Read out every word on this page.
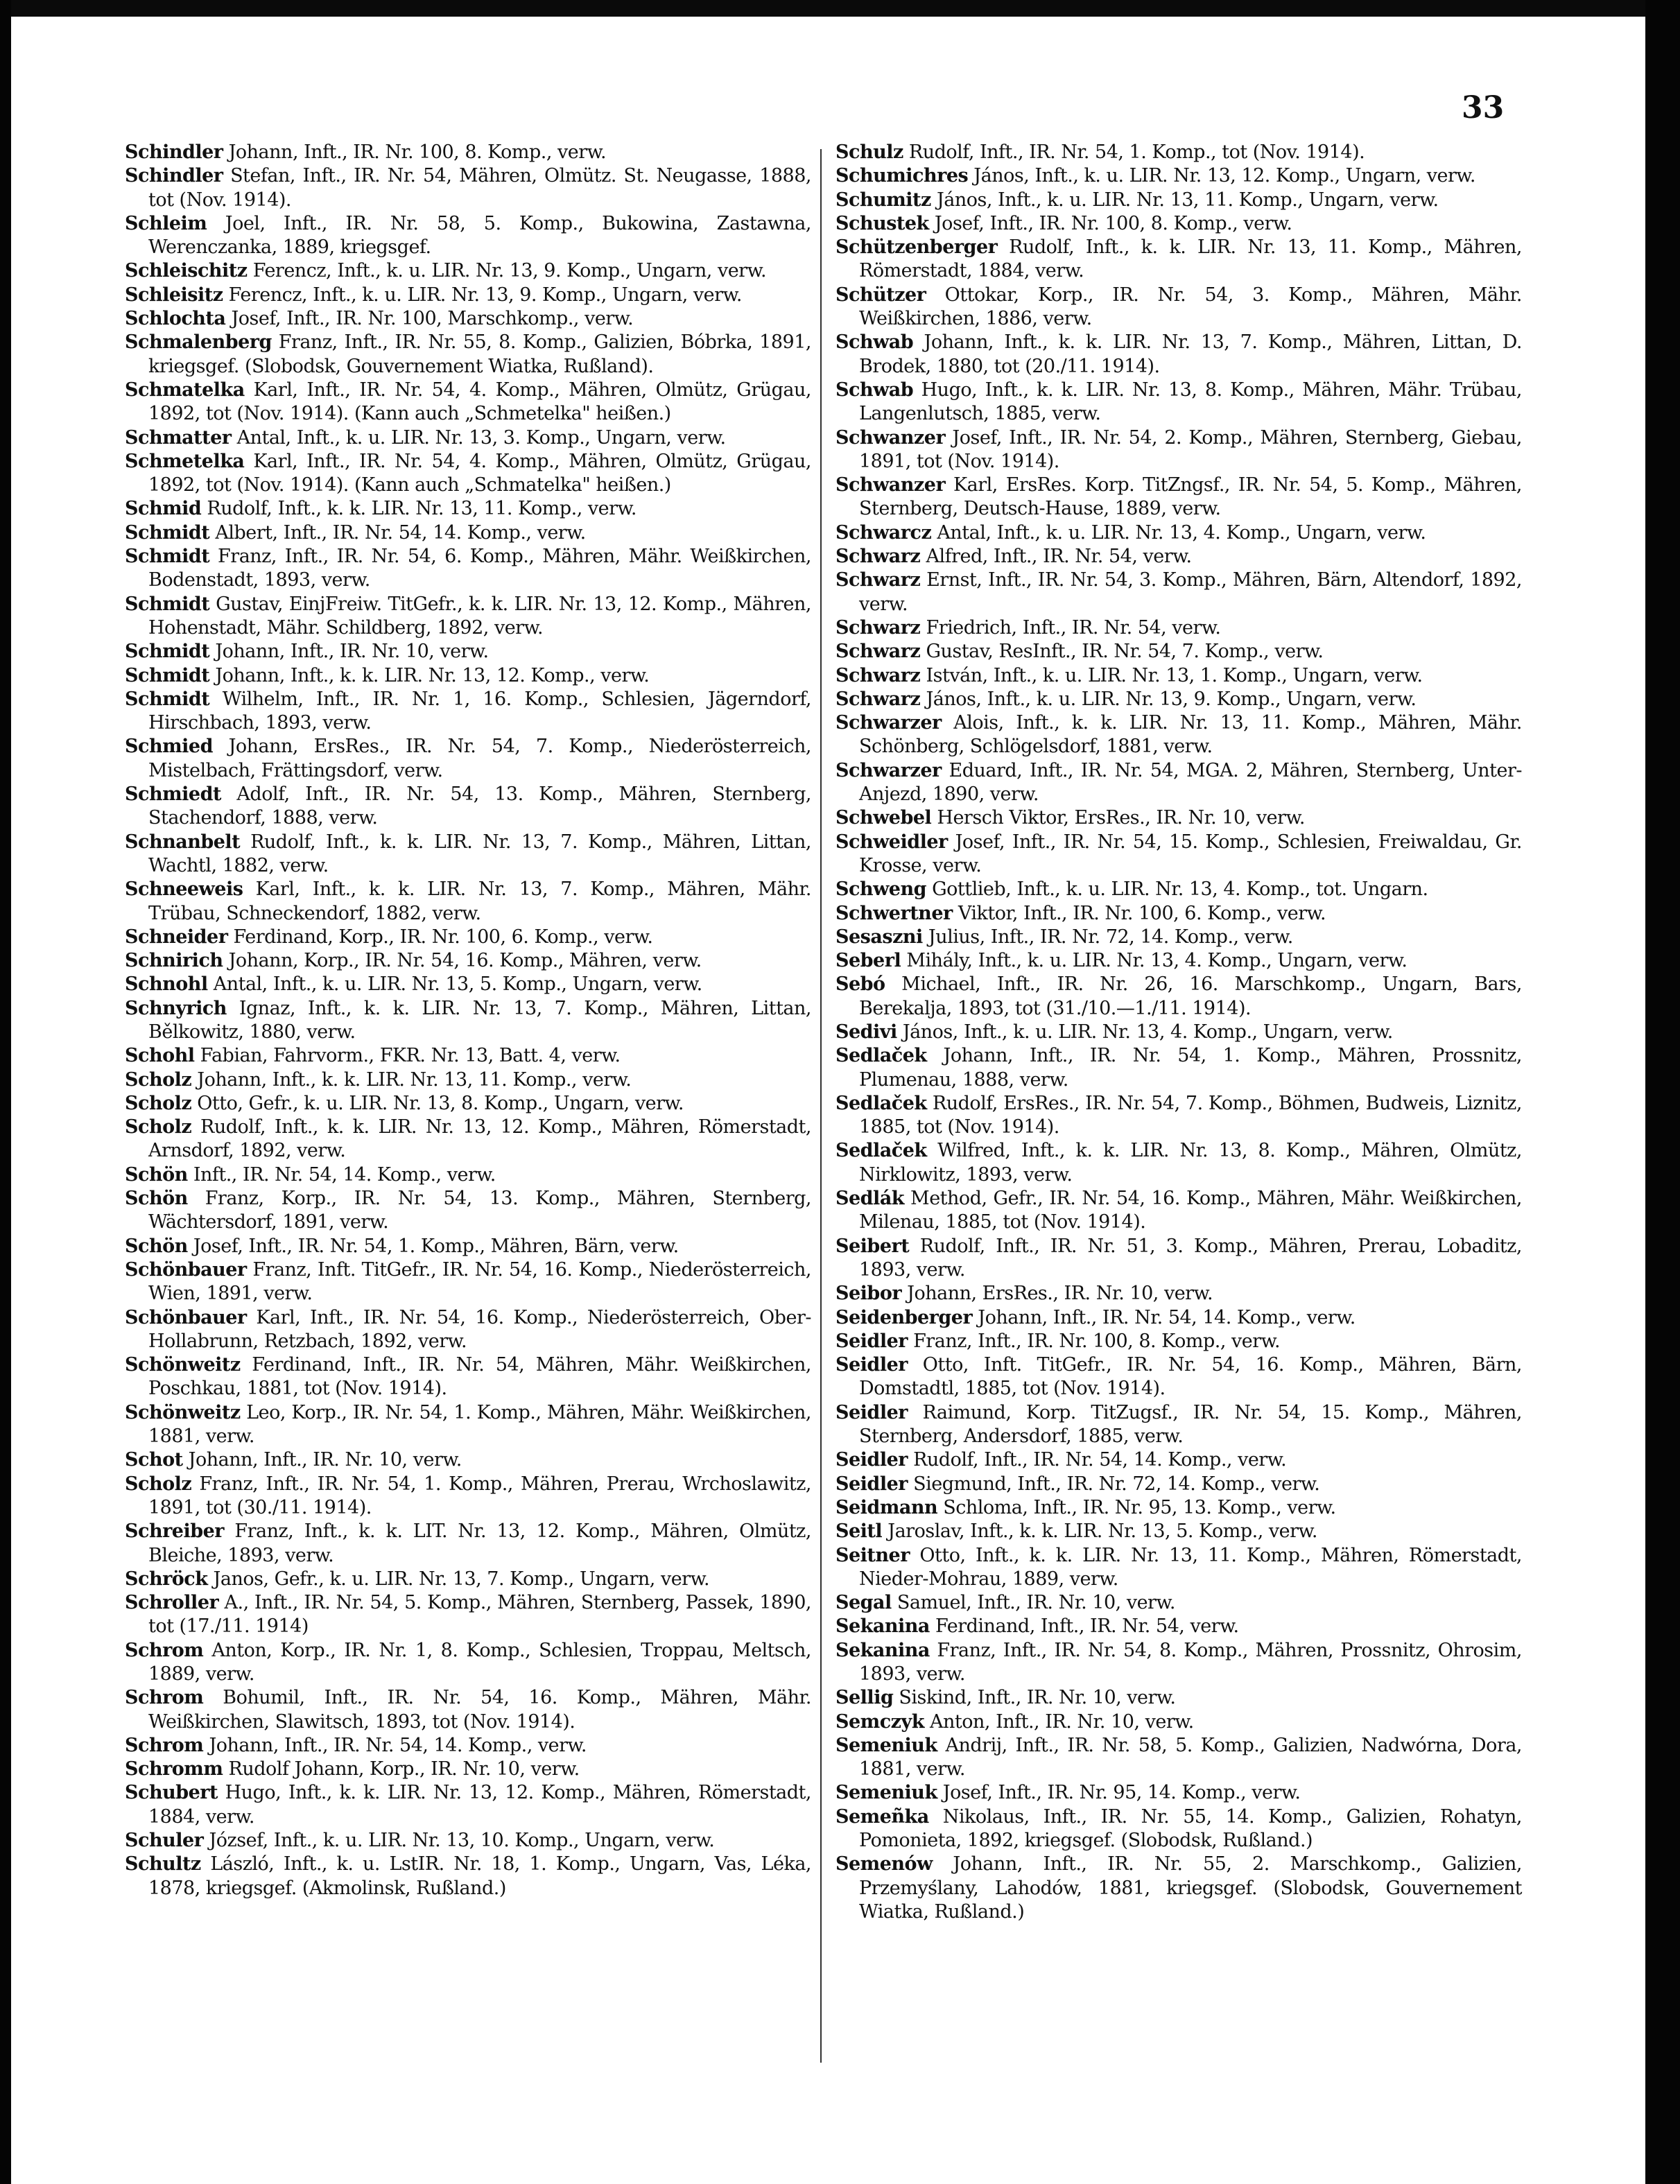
33

Schindler Johann, Inft., IR. Nr. 100, 8. Komp., verw.

Schindler Stefan, Inft., IR. Nr. 54, Mähren, Olmütz. St. Neugasse, 1888, tot (Nov. 1914).

Schleim Joel, Inft., IR. Nr. 58, 5. Komp., Bukowina, Zastawna, Werenczanka, 1889, kriegsgef.

Schleischitz Ferencz, Inft., k. u. LIR. Nr. 13, 9. Komp., Ungarn, verw.

Schleisitz Ferencz, Inft., k. u. LIR. Nr. 13, 9. Komp., Ungarn, verw.

Schlochta Josef, Inft., IR. Nr. 100, Marschkomp., verw.

Schmalenberg Franz, Inft., IR. Nr. 55, 8. Komp., Galizien, Bóbrka, 1891, kriegsgef. (Slobodsk, Gouvernement Wiatka, Rußland).

Schmatelka Karl, Inft., IR. Nr. 54, 4. Komp., Mähren, Olmütz, Grügau, 1892, tot (Nov. 1914). (Kann auch „Schmetelka" heißen.)

Schmatter Antal, Inft., k. u. LIR. Nr. 13, 3. Komp., Ungarn, verw.

Schmetelka Karl, Inft., IR. Nr. 54, 4. Komp., Mähren, Olmütz, Grügau, 1892, tot (Nov. 1914). (Kann auch „Schmatelka" heißen.)

Schmid Rudolf, Inft., k. k. LIR. Nr. 13, 11. Komp., verw.

Schmidt Albert, Inft., IR. Nr. 54, 14. Komp., verw.

Schmidt Franz, Inft., IR. Nr. 54, 6. Komp., Mähren, Mähr. Weißkirchen, Bodenstadt, 1893, verw.

Schmidt Gustav, EinjFreiw. TitGefr., k. k. LIR. Nr. 13, 12. Komp., Mähren, Hohenstadt, Mähr. Schildberg, 1892, verw.

Schmidt Johann, Inft., IR. Nr. 10, verw.

Schmidt Johann, Inft., k. k. LIR. Nr. 13, 12. Komp., verw.

Schmidt Wilhelm, Inft., IR. Nr. 1, 16. Komp., Schlesien, Jägerndorf, Hirschbach, 1893, verw.

Schmied Johann, ErsRes., IR. Nr. 54, 7. Komp., Niederösterreich, Mistelbach, Frättingsdorf, verw.

Schmiedt Adolf, Inft., IR. Nr. 54, 13. Komp., Mähren, Sternberg, Stachendorf, 1888, verw.

Schnanbelt Rudolf, Inft., k. k. LIR. Nr. 13, 7. Komp., Mähren, Littan, Wachtl, 1882, verw.

Schneeweis Karl, Inft., k. k. LIR. Nr. 13, 7. Komp., Mähren, Mähr. Trübau, Schneckendorf, 1882, verw.

Schneider Ferdinand, Korp., IR. Nr. 100, 6. Komp., verw.

Schnirich Johann, Korp., IR. Nr. 54, 16. Komp., Mähren, verw.

Schnohl Antal, Inft., k. u. LIR. Nr. 13, 5. Komp., Ungarn, verw.

Schnyrich Ignaz, Inft., k. k. LIR. Nr. 13, 7. Komp., Mähren, Littan, Bělkowitz, 1880, verw.

Schohl Fabian, Fahrvorm., FKR. Nr. 13, Batt. 4, verw.

Scholz Johann, Inft., k. k. LIR. Nr. 13, 11. Komp., verw.

Scholz Otto, Gefr., k. u. LIR. Nr. 13, 8. Komp., Ungarn, verw.

Scholz Rudolf, Inft., k. k. LIR. Nr. 13, 12. Komp., Mähren, Römerstadt, Arnsdorf, 1892, verw.

Schön Inft., IR. Nr. 54, 14. Komp., verw.

Schön Franz, Korp., IR. Nr. 54, 13. Komp., Mähren, Sternberg, Wächtersdorf, 1891, verw.

Schön Josef, Inft., IR. Nr. 54, 1. Komp., Mähren, Bärn, verw.

Schönbauer Franz, Inft. TitGefr., IR. Nr. 54, 16. Komp., Niederösterreich, Wien, 1891, verw.

Schönbauer Karl, Inft., IR. Nr. 54, 16. Komp., Niederösterreich, Ober-Hollabrunn, Retzbach, 1892, verw.

Schönweitz Ferdinand, Inft., IR. Nr. 54, Mähren, Mähr. Weißkirchen, Poschkau, 1881, tot (Nov. 1914).

Schönweitz Leo, Korp., IR. Nr. 54, 1. Komp., Mähren, Mähr. Weißkirchen, 1881, verw.

Schot Johann, Inft., IR. Nr. 10, verw.

Scholz Franz, Inft., IR. Nr. 54, 1. Komp., Mähren, Prerau, Wrchoslawitz, 1891, tot (30./11. 1914).

Schreiber Franz, Inft., k. k. LIT. Nr. 13, 12. Komp., Mähren, Olmütz, Bleiche, 1893, verw.

Schröck Janos, Gefr., k. u. LIR. Nr. 13, 7. Komp., Ungarn, verw.

Schroller A., Inft., IR. Nr. 54, 5. Komp., Mähren, Sternberg, Passek, 1890, tot (17./11. 1914)

Schrom Anton, Korp., IR. Nr. 1, 8. Komp., Schlesien, Troppau, Meltsch, 1889, verw.

Schrom Bohumil, Inft., IR. Nr. 54, 16. Komp., Mähren, Mähr. Weißkirchen, Slawitsch, 1893, tot (Nov. 1914).

Schrom Johann, Inft., IR. Nr. 54, 14. Komp., verw.

Schromm Rudolf Johann, Korp., IR. Nr. 10, verw.

Schubert Hugo, Inft., k. k. LIR. Nr. 13, 12. Komp., Mähren, Römerstadt, 1884, verw.

Schuler József, Inft., k. u. LIR. Nr. 13, 10. Komp., Ungarn, verw.

Schultz László, Inft., k. u. LstIR. Nr. 18, 1. Komp., Ungarn, Vas, Léka, 1878, kriegsgef. (Akmolinsk, Rußland.)

Schulz Rudolf, Inft., IR. Nr. 54, 1. Komp., tot (Nov. 1914).

Schumichres János, Inft., k. u. LIR. Nr. 13, 12. Komp., Ungarn, verw.

Schumitz János, Inft., k. u. LIR. Nr. 13, 11. Komp., Ungarn, verw.

Schustek Josef, Inft., IR. Nr. 100, 8. Komp., verw.

Schützenberger Rudolf, Inft., k. k. LIR. Nr. 13, 11. Komp., Mähren, Römerstadt, 1884, verw.

Schützer Ottokar, Korp., IR. Nr. 54, 3. Komp., Mähren, Mähr. Weißkirchen, 1886, verw.

Schwab Johann, Inft., k. k. LIR. Nr. 13, 7. Komp., Mähren, Littan, D. Brodek, 1880, tot (20./11. 1914).

Schwab Hugo, Inft., k. k. LIR. Nr. 13, 8. Komp., Mähren, Mähr. Trübau, Langenlutsch, 1885, verw.

Schwanzer Josef, Inft., IR. Nr. 54, 2. Komp., Mähren, Sternberg, Giebau, 1891, tot (Nov. 1914).

Schwanzer Karl, ErsRes. Korp. TitZngsf., IR. Nr. 54, 5. Komp., Mähren, Sternberg, Deutsch-Hause, 1889, verw.

Schwarcz Antal, Inft., k. u. LIR. Nr. 13, 4. Komp., Ungarn, verw.

Schwarz Alfred, Inft., IR. Nr. 54, verw.

Schwarz Ernst, Inft., IR. Nr. 54, 3. Komp., Mähren, Bärn, Altendorf, 1892, verw.

Schwarz Friedrich, Inft., IR. Nr. 54, verw.

Schwarz Gustav, ResInft., IR. Nr. 54, 7. Komp., verw.

Schwarz István, Inft., k. u. LIR. Nr. 13, 1. Komp., Ungarn, verw.

Schwarz János, Inft., k. u. LIR. Nr. 13, 9. Komp., Ungarn, verw.

Schwarzer Alois, Inft., k. k. LIR. Nr. 13, 11. Komp., Mähren, Mähr. Schönberg, Schlögelsdorf, 1881, verw.

Schwarzer Eduard, Inft., IR. Nr. 54, MGA. 2, Mähren, Sternberg, Unter-Anjezd, 1890, verw.

Schwebel Hersch Viktor, ErsRes., IR. Nr. 10, verw.

Schweidler Josef, Inft., IR. Nr. 54, 15. Komp., Schlesien, Freiwaldau, Gr. Krosse, verw.

Schweng Gottlieb, Inft., k. u. LIR. Nr. 13, 4. Komp., tot. Ungarn.

Schwertner Viktor, Inft., IR. Nr. 100, 6. Komp., verw.

Sesaszni Julius, Inft., IR. Nr. 72, 14. Komp., verw.

Seberl Mihály, Inft., k. u. LIR. Nr. 13, 4. Komp., Ungarn, verw.

Sebó Michael, Inft., IR. Nr. 26, 16. Marschkomp., Ungarn, Bars, Berekalja, 1893, tot (31./10.—1./11. 1914).

Sedivi János, Inft., k. u. LIR. Nr. 13, 4. Komp., Ungarn, verw.

Sedlaček Johann, Inft., IR. Nr. 54, 1. Komp., Mähren, Prossnitz, Plumenau, 1888, verw.

Sedlaček Rudolf, ErsRes., IR. Nr. 54, 7. Komp., Böhmen, Budweis, Liznitz, 1885, tot (Nov. 1914).

Sedlaček Wilfred, Inft., k. k. LIR. Nr. 13, 8. Komp., Mähren, Olmütz, Nirklowitz, 1893, verw.

Sedlák Method, Gefr., IR. Nr. 54, 16. Komp., Mähren, Mähr. Weißkirchen, Milenau, 1885, tot (Nov. 1914).

Seibert Rudolf, Inft., IR. Nr. 51, 3. Komp., Mähren, Prerau, Lobaditz, 1893, verw.

Seibor Johann, ErsRes., IR. Nr. 10, verw.

Seidenberger Johann, Inft., IR. Nr. 54, 14. Komp., verw.

Seidler Franz, Inft., IR. Nr. 100, 8. Komp., verw.

Seidler Otto, Inft. TitGefr., IR. Nr. 54, 16. Komp., Mähren, Bärn, Domstadtl, 1885, tot (Nov. 1914).

Seidler Raimund, Korp. TitZugsf., IR. Nr. 54, 15. Komp., Mähren, Sternberg, Andersdorf, 1885, verw.

Seidler Rudolf, Inft., IR. Nr. 54, 14. Komp., verw.

Seidler Siegmund, Inft., IR. Nr. 72, 14. Komp., verw.

Seidmann Schloma, Inft., IR. Nr. 95, 13. Komp., verw.

Seitl Jaroslav, Inft., k. k. LIR. Nr. 13, 5. Komp., verw.

Seitner Otto, Inft., k. k. LIR. Nr. 13, 11. Komp., Mähren, Römerstadt, Nieder-Mohrau, 1889, verw.

Segal Samuel, Inft., IR. Nr. 10, verw.

Sekanina Ferdinand, Inft., IR. Nr. 54, verw.

Sekanina Franz, Inft., IR. Nr. 54, 8. Komp., Mähren, Prossnitz, Ohrosim, 1893, verw.

Sellig Siskind, Inft., IR. Nr. 10, verw.

Semczyk Anton, Inft., IR. Nr. 10, verw.

Semeniuk Andrij, Inft., IR. Nr. 58, 5. Komp., Galizien, Nadwórna, Dora, 1881, verw.

Semeniuk Josef, Inft., IR. Nr. 95, 14. Komp., verw.

Semeñka Nikolaus, Inft., IR. Nr. 55, 14. Komp., Galizien, Rohatyn, Pomonieta, 1892, kriegsgef. (Slobodsk, Rußland.)

Semenów Johann, Inft., IR. Nr. 55, 2. Marschkomp., Galizien, Przemyślany, Lahodów, 1881, kriegsgef. (Slobodsk, Gouvernement Wiatka, Rußland.)
